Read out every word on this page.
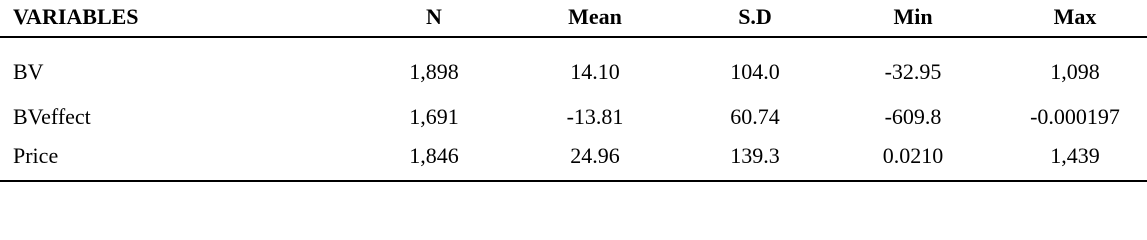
VARIABLES	N	Mean	S.D	Min	Max
BV	1,898	14.10	104.0	-32.95	1,098
BVeffect	1,691	-13.81	60.74	-609.8	-0.000197
Price	1,846	24.96	139.3	0.0210	1,439
